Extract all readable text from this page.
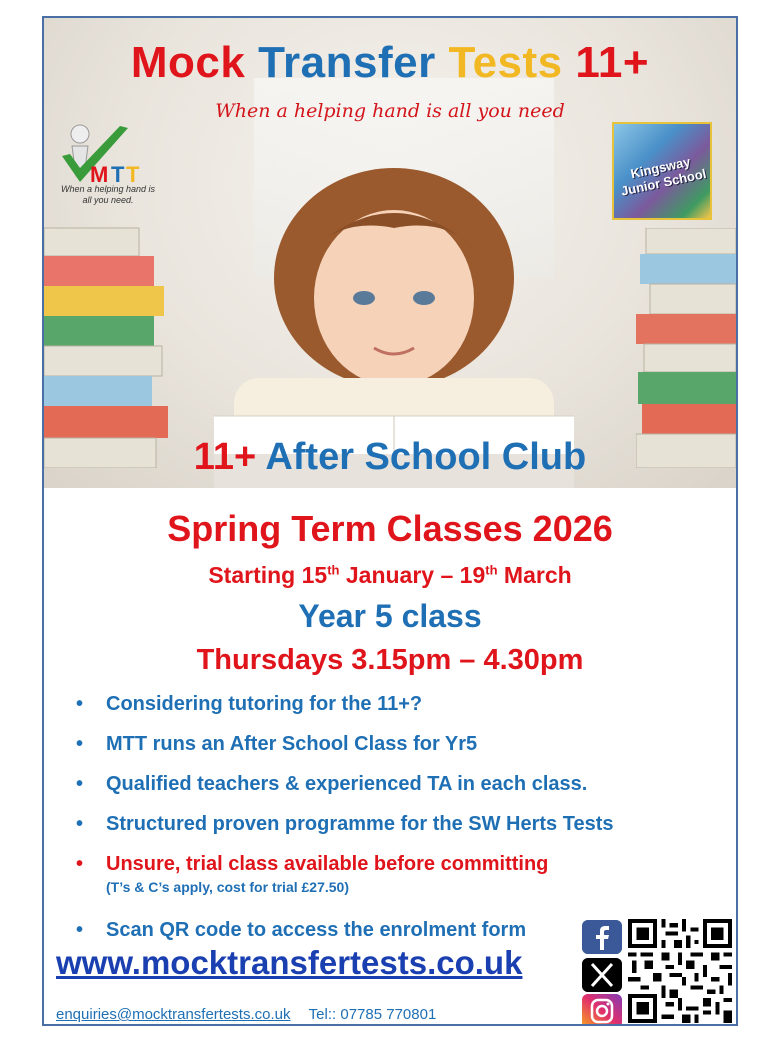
Mock Transfer Tests 11+
When a helping hand is all you need
M T T
When a helping hand is all you need.
Kingsway Junior School
11+ After School Club
Spring Term Classes 2026
Starting 15th January – 19th March
Year 5 class
Thursdays 3.15pm – 4.30pm
• Considering tutoring for the 11+?
• MTT runs an After School Class for Yr5
• Qualified teachers & experienced TA in each class.
• Structured proven programme for the SW Herts Tests
• Unsure, trial class available before committing
(T’s & C’s apply, cost for trial £27.50)
• Scan QR code to access the enrolment form
www.mocktransfertests.co.uk
enquiries@mocktransfertests.co.uk Tel:: 07785 770801
